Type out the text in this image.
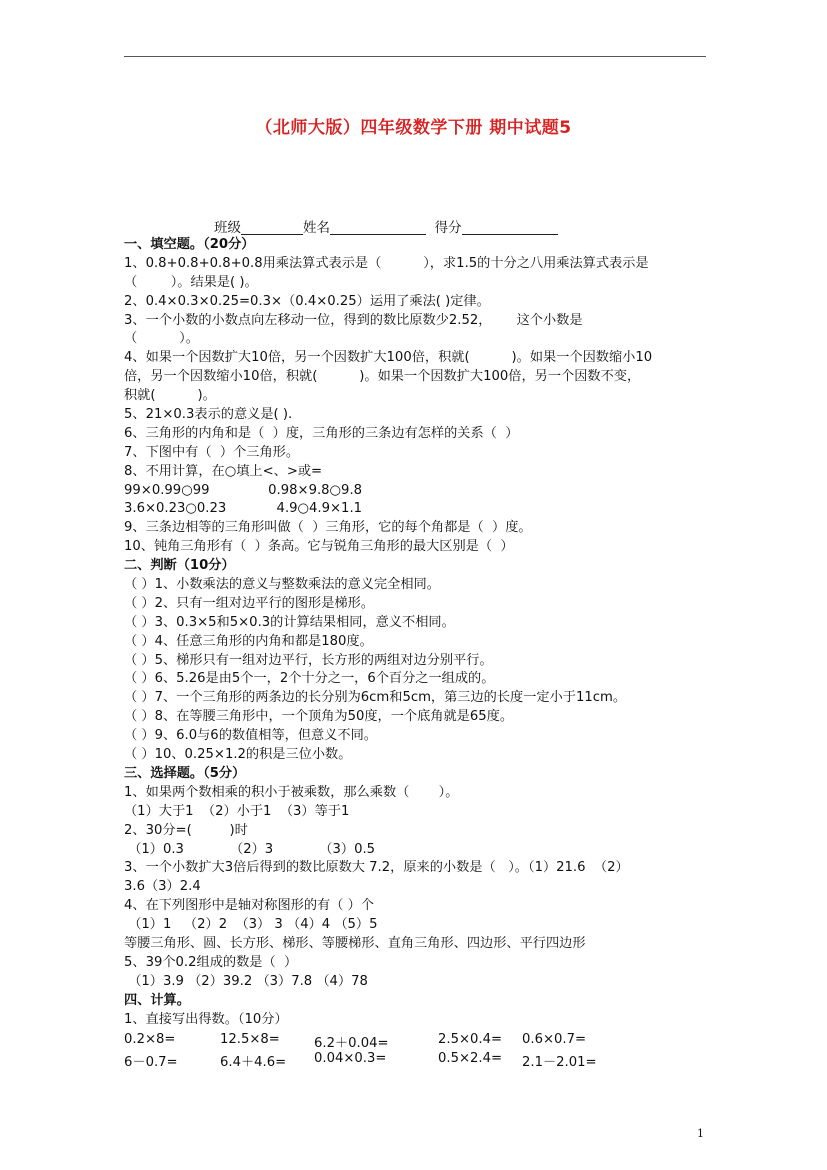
（北师大版）四年级数学下册 期中试题5
班级	姓名	得分
一、填空题。（20分）
1、0.8+0.8+0.8+0.8用乘法算式表示是（          ），求1.5的十分之八用乘法算式表示是
（        ）。结果是( )。
2、0.4×0.3×0.25=0.3×（0.4×0.25）运用了乘法( )定律。
3、一个小数的小数点向左移动一位，得到的数比原数少2.52，      这个小数是
（          ）。
4、如果一个因数扩大10倍，另一个因数扩大100倍，积就(          )。如果一个因数缩小10
倍，另一个因数缩小10倍，积就(          )。如果一个因数扩大100倍，另一个因数不变，
积就(          )。
5、21×0.3表示的意义是( ).
6、三角形的内角和是（  ）度，三角形的三条边有怎样的关系（  ）
7、下图中有（  ）个三角形。
8、不用计算，在○填上<、>或=
99×0.99○99              0.98×9.8○9.8
3.6×0.23○0.23            4.9○4.9×1.1
9、三条边相等的三角形叫做（  ）三角形，它的每个角都是（  ）度。
10、钝角三角形有（  ）条高。它与锐角三角形的最大区别是（  ）
二、判断（10分）
（ ）1、小数乘法的意义与整数乘法的意义完全相同。
（ ）2、只有一组对边平行的图形是梯形。
（ ）3、0.3×5和5×0.3的计算结果相同，意义不相同。
（ ）4、任意三角形的内角和都是180度。
（ ）5、梯形只有一组对边平行，长方形的两组对边分别平行。
（ ）6、5.26是由5个一，2个十分之一，6个百分之一组成的。
（ ）7、一个三角形的两条边的长分别为6cm和5cm，第三边的长度一定小于11cm。
（ ）8、在等腰三角形中，一个顶角为50度，一个底角就是65度。
（ ）9、6.0与6的数值相等，但意义不同。
（ ）10、0.25×1.2的积是三位小数。
三、选择题。（5分）
1、如果两个数相乘的积小于被乘数，那么乘数（       ）。
（1）大于1  （2）小于1  （3）等于1
2、30分=(         )时
（1）0.3           （2）3           （3）0.5
3、一个小数扩大3倍后得到的数比原数大 7.2，原来的小数是（   ）。（1）21.6  （2）
3.6（3）2.4
4、在下列图形中是轴对称图形的有（ ）个
（1）1   （2）2  （3） 3 （4）4 （5）5
等腰三角形、圆、长方形、梯形、等腰梯形、直角三角形、四边形、平行四边形
5、39个0.2组成的数是（  ）
（1）3.9 （2）39.2 （3）7.8 （4）78
四、计算。
1、直接写出得数。（10分）
0.2×8=	12.5×8=	6.2＋0.04=	2.5×0.4= 0.6×0.7=
6－0.7=	6.4＋4.6= 0.04×0.3=	0.5×2.4= 2.1－2.01=
1
